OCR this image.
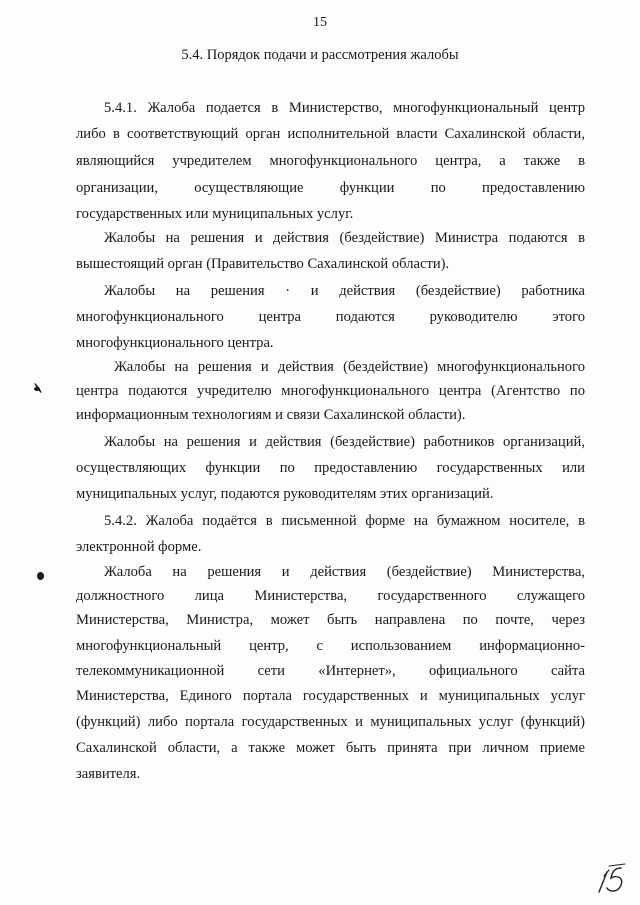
15
5.4. Порядок подачи и рассмотрения жалобы
5.4.1. Жалоба подается в Министерство, многофункциональный центр
либо в соответствующий орган исполнительной власти Сахалинской области,
являющийся учредителем многофункционального центра, а также в
организации, осуществляющие функции по предоставлению
государственных или муниципальных услуг.
Жалобы на решения и действия (бездействие) Министра подаются в
вышестоящий орган (Правительство Сахалинской области).
Жалобы на решения · и действия (бездействие) работника
многофункционального центра подаются руководителю этого
многофункционального центра.
Жалобы на решения и действия (бездействие) многофункционального
центра подаются учредителю многофункционального центра (Агентство по
информационным технологиям и связи Сахалинской области).
Жалобы на решения и действия (бездействие) работников организаций,
осуществляющих функции по предоставлению государственных или
муниципальных услуг, подаются руководителям этих организаций.
5.4.2. Жалоба подаётся в письменной форме на бумажном носителе, в
электронной форме.
Жалоба на решения и действия (бездействие) Министерства,
должностного лица Министерства, государственного служащего
Министерства, Министра, может быть направлена по почте, через
многофункциональный центр, с использованием информационно-
телекоммуникационной сети «Интернет», официального сайта
Министерства, Единого портала государственных и муниципальных услуг
(функций) либо портала государственных и муниципальных услуг (функций)
Сахалинской области, а также может быть принята при личном приеме
заявителя.
